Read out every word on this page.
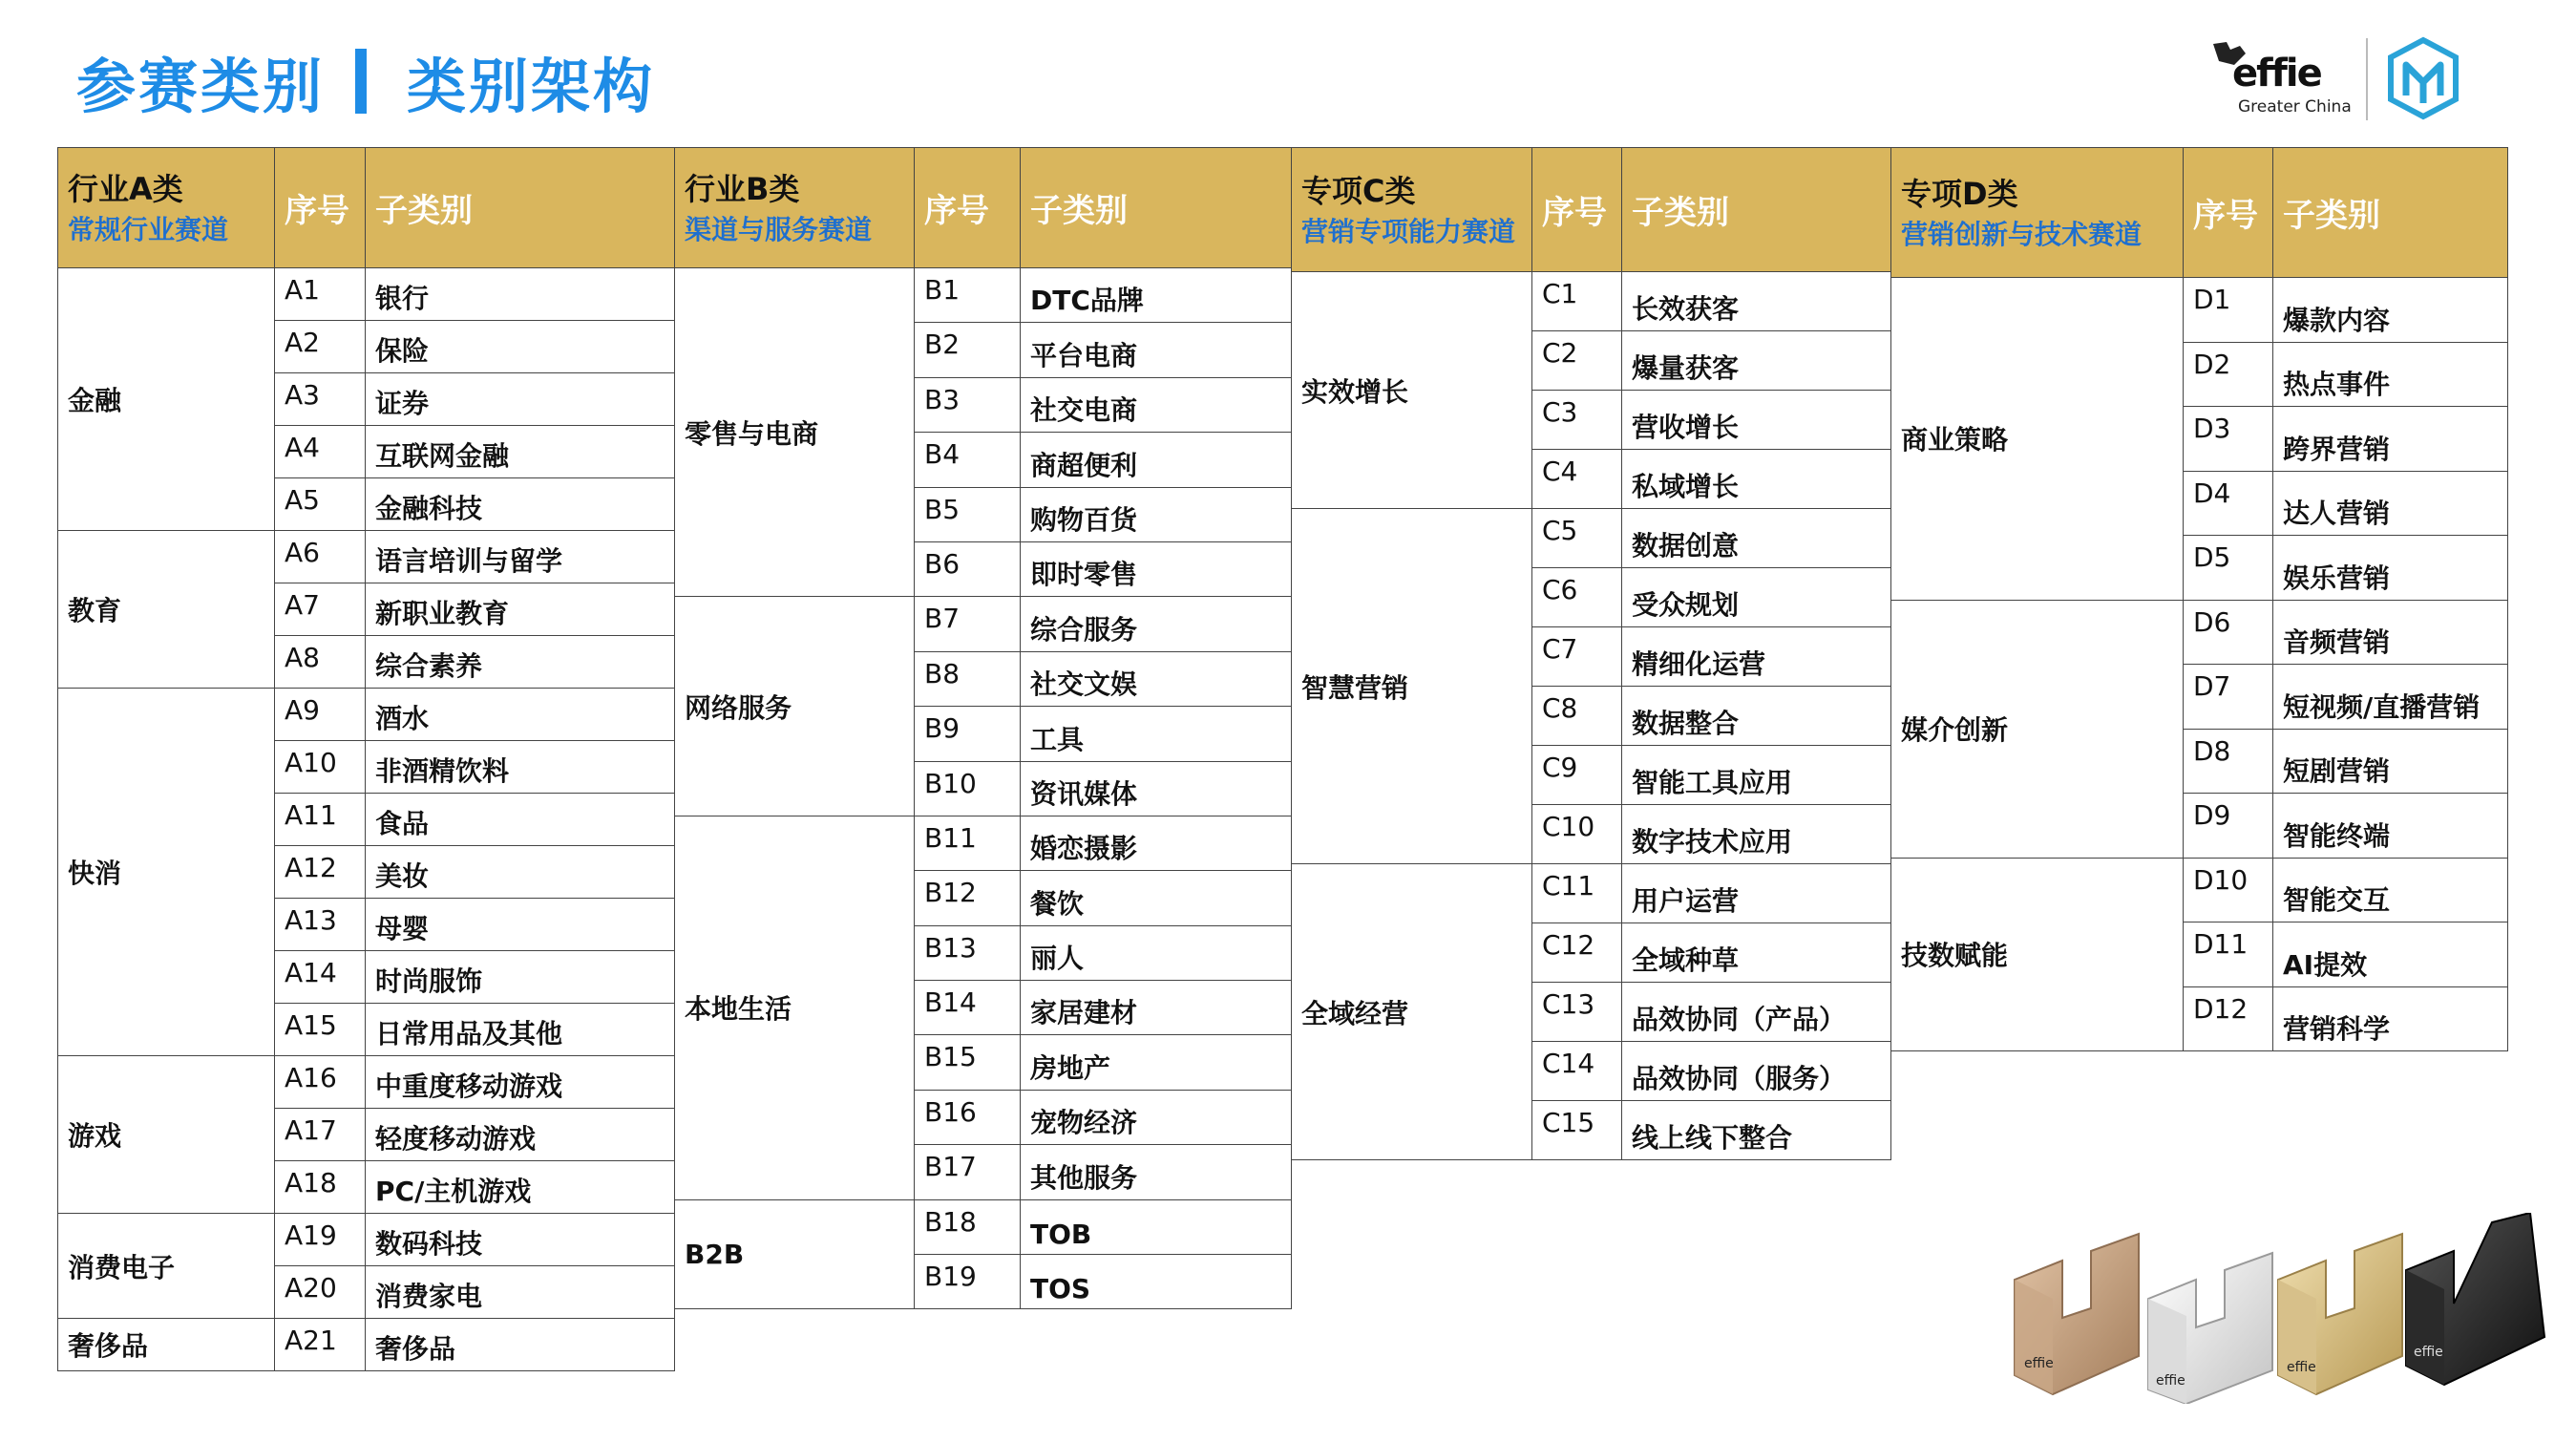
参赛类别 类别架构	effie
Greater China
行业A类
常规行业赛道	序号	子类别
金融	A1	银行
	A2	保险
	A3	证券
	A4	互联网金融
	A5	金融科技
教育	A6	语言培训与留学
	A7	新职业教育
	A8	综合素养
快消	A9	酒水
	A10	非酒精饮料
	A11	食品
	A12	美妆
	A13	母婴
	A14	时尚服饰
	A15	日常用品及其他
游戏	A16	中重度移动游戏
	A17	轻度移动游戏
	A18	PC/主机游戏
消费电子	A19	数码科技
	A20	消费家电
奢侈品	A21	奢侈品
行业B类
渠道与服务赛道	序号	子类别
零售与电商	B1	DTC品牌
	B2	平台电商
	B3	社交电商
	B4	商超便利
	B5	购物百货
	B6	即时零售
网络服务	B7	综合服务
	B8	社交文娱
	B9	工具
	B10	资讯媒体
本地生活	B11	婚恋摄影
	B12	餐饮
	B13	丽人
	B14	家居建材
	B15	房地产
	B16	宠物经济
	B17	其他服务
B2B	B18	TOB
	B19	TOS
专项C类
营销专项能力赛道	序号	子类别
实效增长	C1	长效获客
	C2	爆量获客
	C3	营收增长
	C4	私域增长
智慧营销	C5	数据创意
	C6	受众规划
	C7	精细化运营
	C8	数据整合
	C9	智能工具应用
	C10	数字技术应用
全域经营	C11	用户运营
	C12	全域种草
	C13	品效协同（产品）
	C14	品效协同（服务）
	C15	线上线下整合
专项D类
营销创新与技术赛道	序号	子类别
商业策略	D1	爆款内容
	D2	热点事件
	D3	跨界营销
	D4	达人营销
	D5	娱乐营销
媒介创新	D6	音频营销
	D7	短视频/直播营销
	D8	短剧营销
	D9	智能终端
技数赋能	D10	智能交互
	D11	AI提效
	D12	营销科学
effie
effie
effie
effie
